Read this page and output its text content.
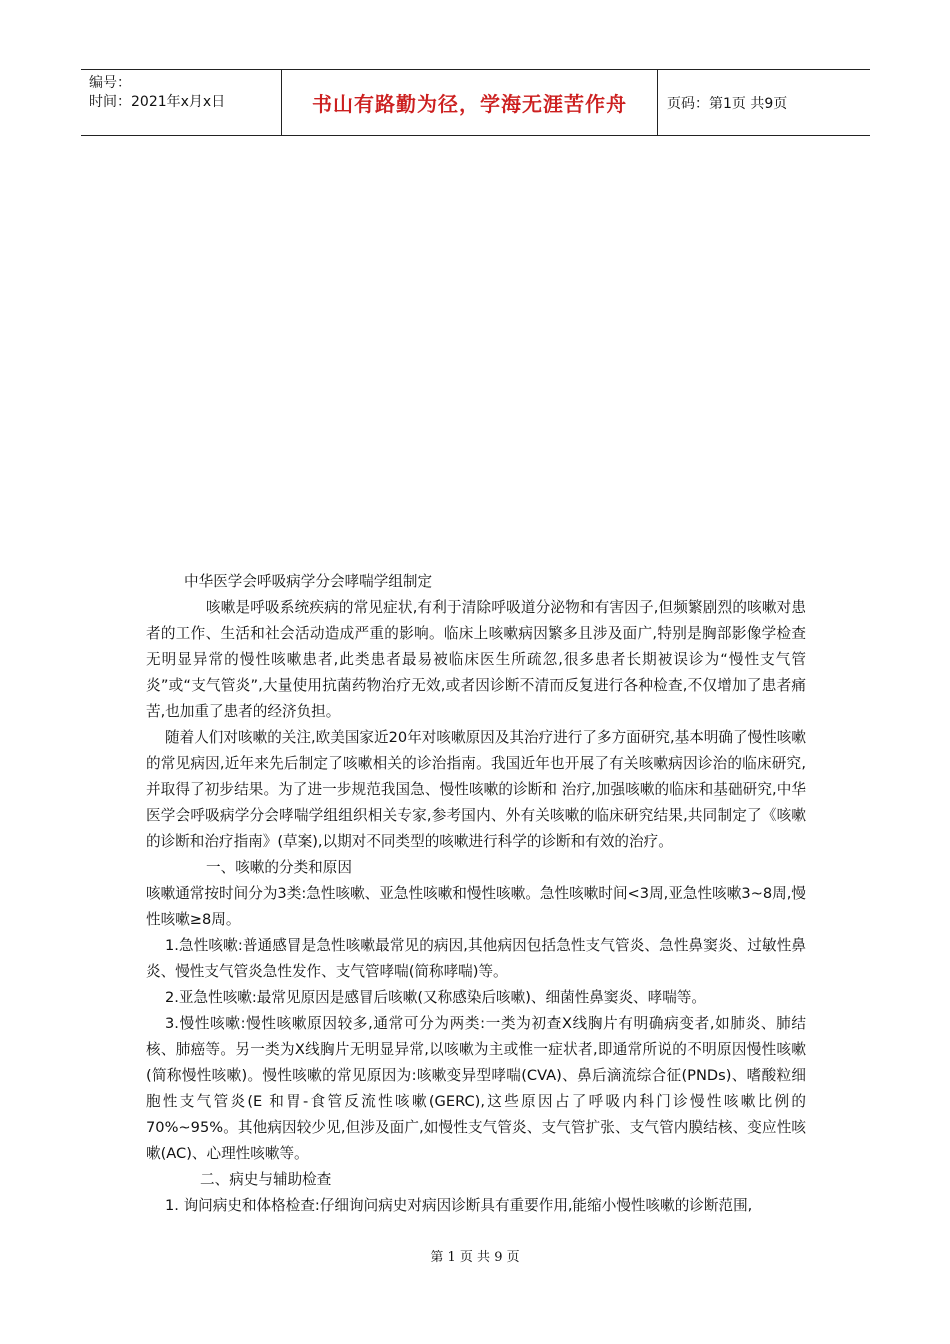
编号：
时间：2021年x月x日	书山有路勤为径，学海无涯苦作舟	页码：第1页 共9页

中华医学会呼吸病学分会哮喘学组制定

咳嗽是呼吸系统疾病的常见症状,有利于清除呼吸道分泌物和有害因子,但频繁剧烈的咳嗽对患者的工作、生活和社会活动造成严重的影响。临床上咳嗽病因繁多且涉及面广,特别是胸部影像学检查无明显异常的慢性咳嗽患者,此类患者最易被临床医生所疏忽,很多患者长期被误诊为“慢性支气管炎”或“支气管炎”,大量使用抗菌药物治疗无效,或者因诊断不清而反复进行各种检查,不仅增加了患者痛苦,也加重了患者的经济负担。

随着人们对咳嗽的关注,欧美国家近20年对咳嗽原因及其治疗进行了多方面研究,基本明确了慢性咳嗽的常见病因,近年来先后制定了咳嗽相关的诊治指南。我国近年也开展了有关咳嗽病因诊治的临床研究,并取得了初步结果。为了进一步规范我国急、慢性咳嗽的诊断和 治疗,加强咳嗽的临床和基础研究,中华医学会呼吸病学分会哮喘学组组织相关专家,参考国内、外有关咳嗽的临床研究结果,共同制定了《咳嗽的诊断和治疗指南》(草案),以期对不同类型的咳嗽进行科学的诊断和有效的治疗。

一、咳嗽的分类和原因

咳嗽通常按时间分为3类:急性咳嗽、亚急性咳嗽和慢性咳嗽。急性咳嗽时间<3周,亚急性咳嗽3~8周,慢性咳嗽≥8周。

1.急性咳嗽:普通感冒是急性咳嗽最常见的病因,其他病因包括急性支气管炎、急性鼻窦炎、过敏性鼻炎、慢性支气管炎急性发作、支气管哮喘(简称哮喘)等。

2.亚急性咳嗽:最常见原因是感冒后咳嗽(又称感染后咳嗽)、细菌性鼻窦炎、哮喘等。

3.慢性咳嗽:慢性咳嗽原因较多,通常可分为两类:一类为初查X线胸片有明确病变者,如肺炎、肺结核、肺癌等。另一类为X线胸片无明显异常,以咳嗽为主或惟一症状者,即通常所说的不明原因慢性咳嗽(简称慢性咳嗽)。慢性咳嗽的常见原因为:咳嗽变异型哮喘(CVA)、鼻后滴流综合征(PNDs)、嗜酸粒细胞性支气管炎(E 和胃-食管反流性咳嗽(GERC),这些原因占了呼吸内科门诊慢性咳嗽比例的70%~95%。其他病因较少见,但涉及面广,如慢性支气管炎、支气管扩张、支气管内膜结核、变应性咳嗽(AC)、心理性咳嗽等。

二、病史与辅助检查

1. 询问病史和体格检查:仔细询问病史对病因诊断具有重要作用,能缩小慢性咳嗽的诊断范围,

第 1 页 共 9 页
